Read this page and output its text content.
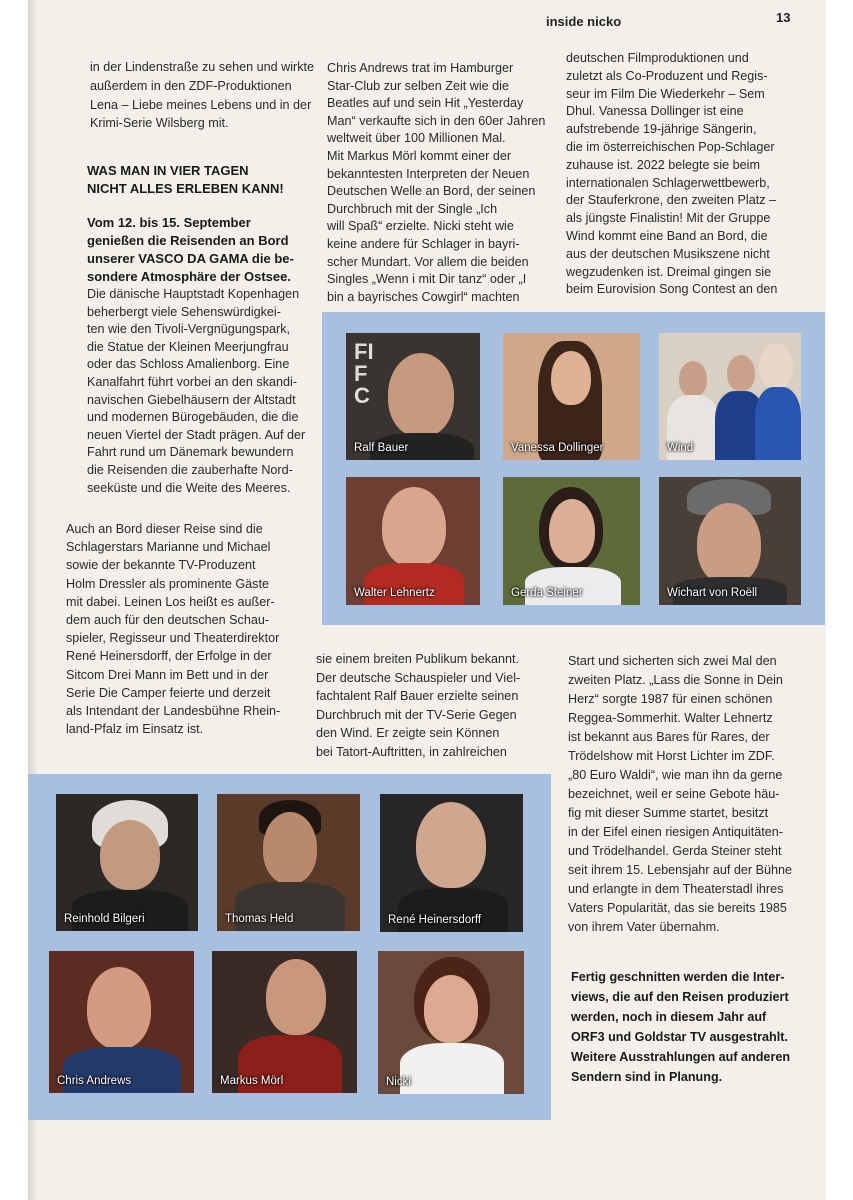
inside nicko	13

in der Lindenstraße zu sehen und wirkte

außerdem in den ZDF-Produktionen

Lena – Liebe meines Lebens und in der

Krimi-Serie Wilsberg mit.

WAS MAN IN VIER TAGEN

NICHT ALLES ERLEBEN KANN!

Vom 12. bis 15. September

genießen die Reisenden an Bord

unserer VASCO DA GAMA die be-

sondere Atmosphäre der Ostsee.

Die dänische Hauptstadt Kopenhagen

beherbergt viele Sehenswürdigkei-

ten wie den Tivoli-Vergnügungspark,

die Statue der Kleinen Meerjungfrau

oder das Schloss Amalienborg. Eine

Kanalfahrt führt vorbei an den skandi-

navischen Giebelhäusern der Altstadt

und modernen Bürogebäuden, die die

neuen Viertel der Stadt prägen. Auf der

Fahrt rund um Dänemark bewundern

die Reisenden die zauberhafte Nord-

seeküste und die Weite des Meeres.

Auch an Bord dieser Reise sind die

Schlagerstars Marianne und Michael

sowie der bekannte TV-Produzent

Holm Dressler als prominente Gäste

mit dabei. Leinen Los heißt es außer-

dem auch für den deutschen Schau-

spieler, Regisseur und Theaterdirektor

René Heinersdorff, der Erfolge in der

Sitcom Drei Mann im Bett und in der

Serie Die Camper feierte und derzeit

als Intendant der Landesbühne Rhein-

land-Pfalz im Einsatz ist.

Chris Andrews trat im Hamburger

Star-Club zur selben Zeit wie die

Beatles auf und sein Hit „Yesterday

Man“ verkaufte sich in den 60er Jahren

weltweit über 100 Millionen Mal.

Mit Markus Mörl kommt einer der

bekanntesten Interpreten der Neuen

Deutschen Welle an Bord, der seinen

Durchbruch mit der Single „Ich

will Spaß“ erzielte. Nicki steht wie

keine andere für Schlager in bayri-

scher Mundart. Vor allem die beiden

Singles „Wenn i mit Dir tanz“ oder „I

bin a bayrisches Cowgirl“ machten

deutschen Filmproduktionen und

zuletzt als Co-Produzent und Regis-

seur im Film Die Wiederkehr – Sem

Dhul. Vanessa Dollinger ist eine

aufstrebende 19-jährige Sängerin,

die im österreichischen Pop-Schlager

zuhause ist. 2022 belegte sie beim

internationalen Schlagerwettbewerb,

der Stauferkrone, den zweiten Platz –

als jüngste Finalistin! Mit der Gruppe

Wind kommt eine Band an Bord, die

aus der deutschen Musikszene nicht

wegzudenken ist. Dreimal gingen sie

beim Eurovision Song Contest an den

FI F C
Ralf Bauer	Vanessa Dollinger	Wind
Walter Lehnertz	Gerda Steiner	Wichart von Roëll

sie einem breiten Publikum bekannt.

Der deutsche Schauspieler und Viel-

fachtalent Ralf Bauer erzielte seinen

Durchbruch mit der TV-Serie Gegen

den Wind. Er zeigte sein Können

bei Tatort-Auftritten, in zahlreichen

Start und sicherten sich zwei Mal den

zweiten Platz. „Lass die Sonne in Dein

Herz“ sorgte 1987 für einen schönen

Reggea-Sommerhit. Walter Lehnertz

ist bekannt aus Bares für Rares, der

Trödelshow mit Horst Lichter im ZDF.

„80 Euro Waldi“, wie man ihn da gerne

bezeichnet, weil er seine Gebote häu-

fig mit dieser Summe startet, besitzt

in der Eifel einen riesigen Antiquitäten-

und Trödelhandel. Gerda Steiner steht

seit ihrem 15. Lebensjahr auf der Bühne

und erlangte in dem Theaterstadl ihres

Vaters Popularität, das sie bereits 1985

von ihrem Vater übernahm.

Fertig geschnitten werden die Inter-

views, die auf den Reisen produziert

werden, noch in diesem Jahr auf

ORF3 und Goldstar TV ausgestrahlt.

Weitere Ausstrahlungen auf anderen

Sendern sind in Planung.

Reinhold Bilgeri	Thomas Held	René Heinersdorff
Chris Andrews	Markus Mörl	Nicki
